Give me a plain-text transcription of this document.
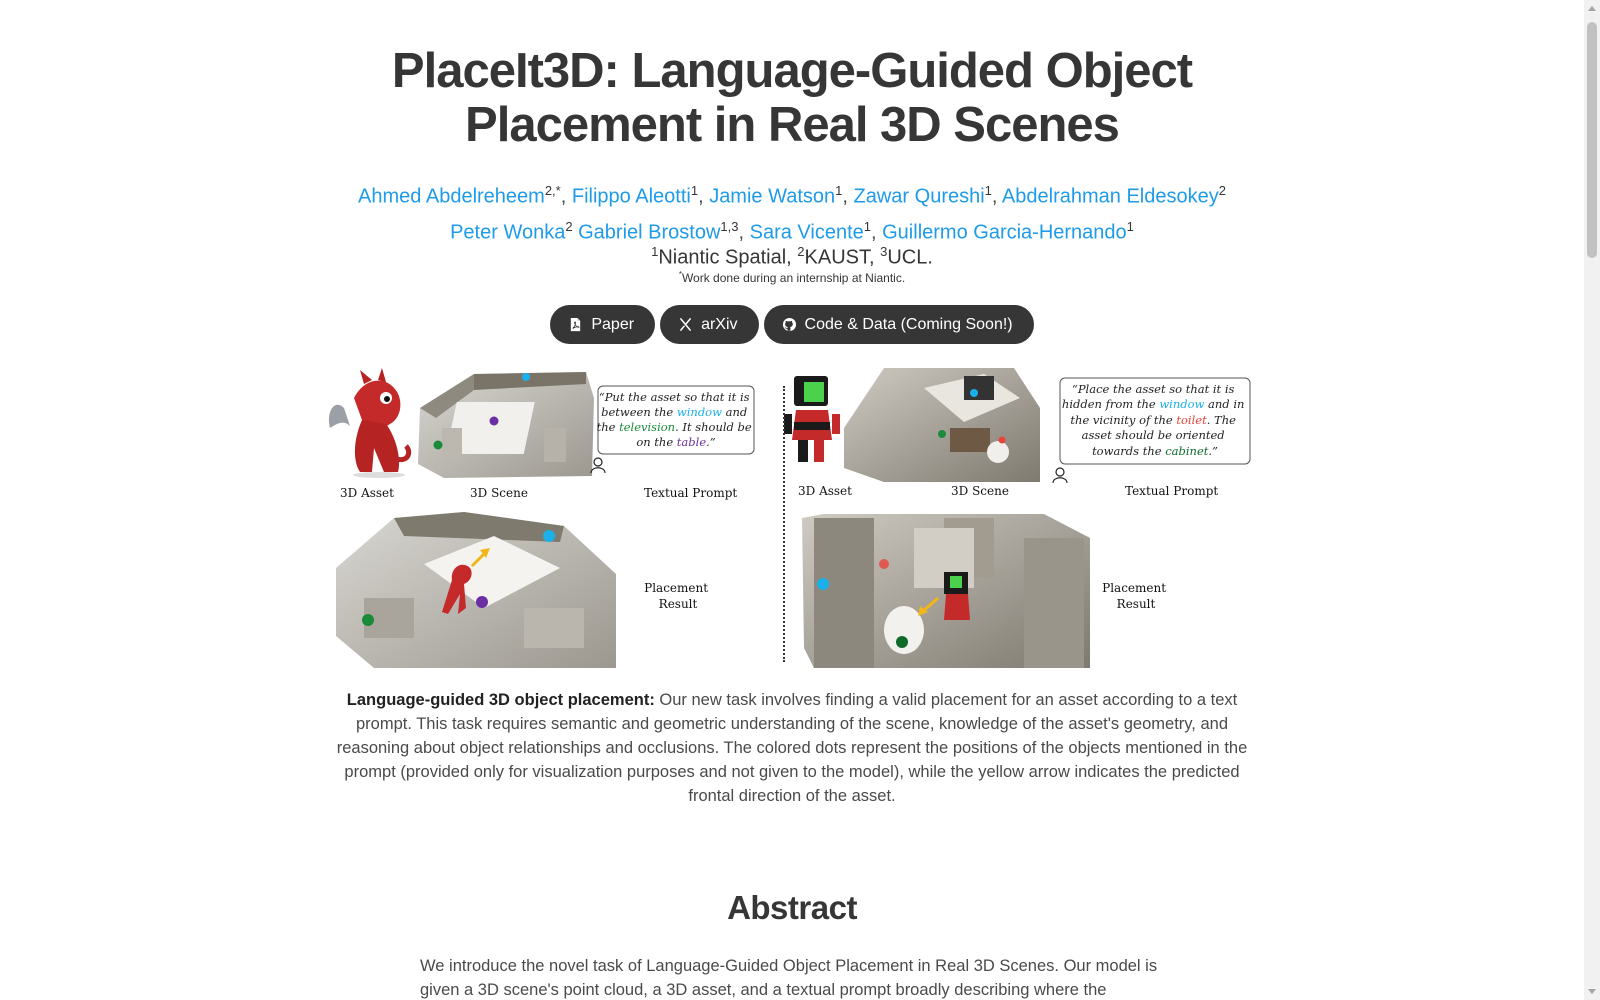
PlaceIt3D: Language-Guided Object Placement in Real 3D Scenes
Ahmed Abdelreheem$^{2,*}$, Filippo Aleotti$^1$, Jamie Watson$^1$, Zawar Qureshi$^1$, Abdelrahman Eldesokey$^2$
Peter Wonka$^2$ Gabriel Brostow$^{1,3}$, Sara Vicente$^1$, Guillermo Garcia-Hernando$^1$
$^1$Niantic Spatial, $^2$KAUST, $^3$UCL.
*Work done during an internship at Niantic.
Paper	arXiv	Code & Data (Coming Soon!)
“Put the asset so that it is between the window and the television. It should be on the table.”
3D Asset	3D Scene	Textual Prompt
Placement Result
“Place the asset so that it is hidden from the window and in the vicinity of the toilet. The asset should be oriented towards the cabinet.”
3D Asset	3D Scene	Textual Prompt
Placement Result

Language-guided 3D object placement: Our new task involves finding a valid placement for an asset according to a text prompt. This task requires semantic and geometric understanding of the scene, knowledge of the asset's geometry, and reasoning about object relationships and occlusions. The colored dots represent the positions of the objects mentioned in the prompt (provided only for visualization purposes and not given to the model), while the yellow arrow indicates the predicted frontal direction of the asset.

Abstract

We introduce the novel task of Language-Guided Object Placement in Real 3D Scenes. Our model is given a 3D scene's point cloud, a 3D asset, and a textual prompt broadly describing where the
